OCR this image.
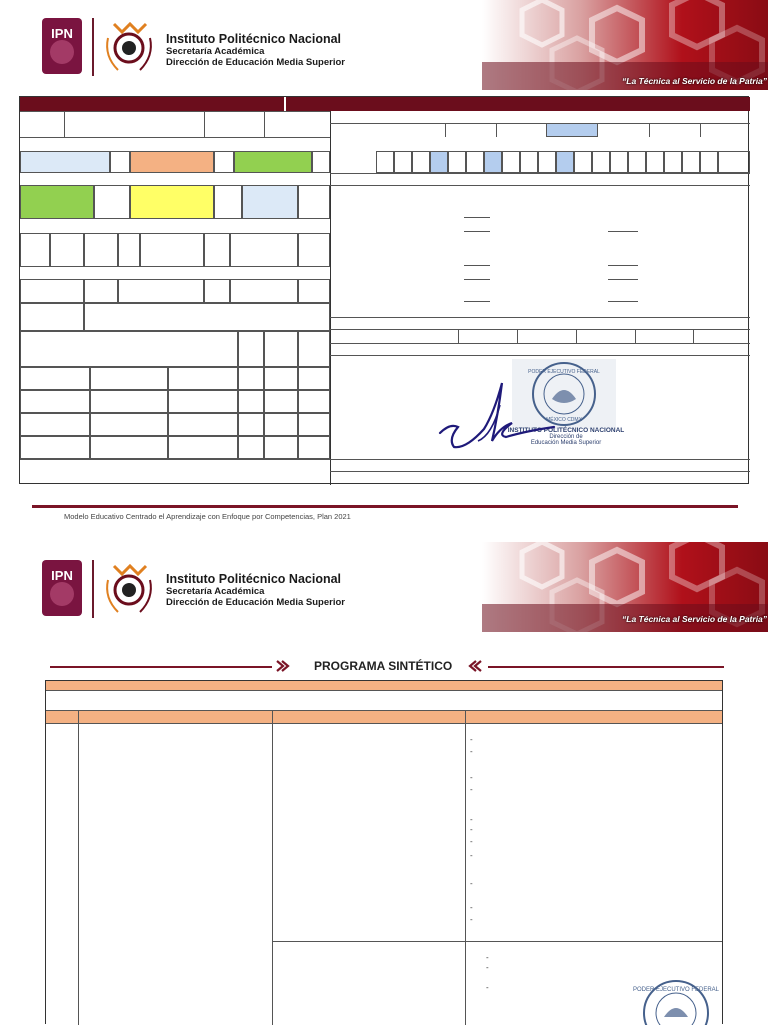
IPN	Instituto Politécnico Nacional
Secretaría Académica
Dirección de Educación Media Superior
“La Técnica al Servicio de la Patria”
PODER EJECUTIVO FEDERAL
MÉXICO CDMX
INSTITUTO POLITÉCNICO NACIONAL
Dirección de
Educación Media Superior
Modelo Educativo Centrado el Aprendizaje con Enfoque por Competencias, Plan 2021
IPN	Instituto Politécnico Nacional
Secretaría Académica
Dirección de Educación Media Superior
“La Técnica al Servicio de la Patria”
PROGRAMA SINTÉTICO
-
-
-
-
-
-
-
-
-
-
-
-
-
-	PODER EJECUTIVO FEDERAL
